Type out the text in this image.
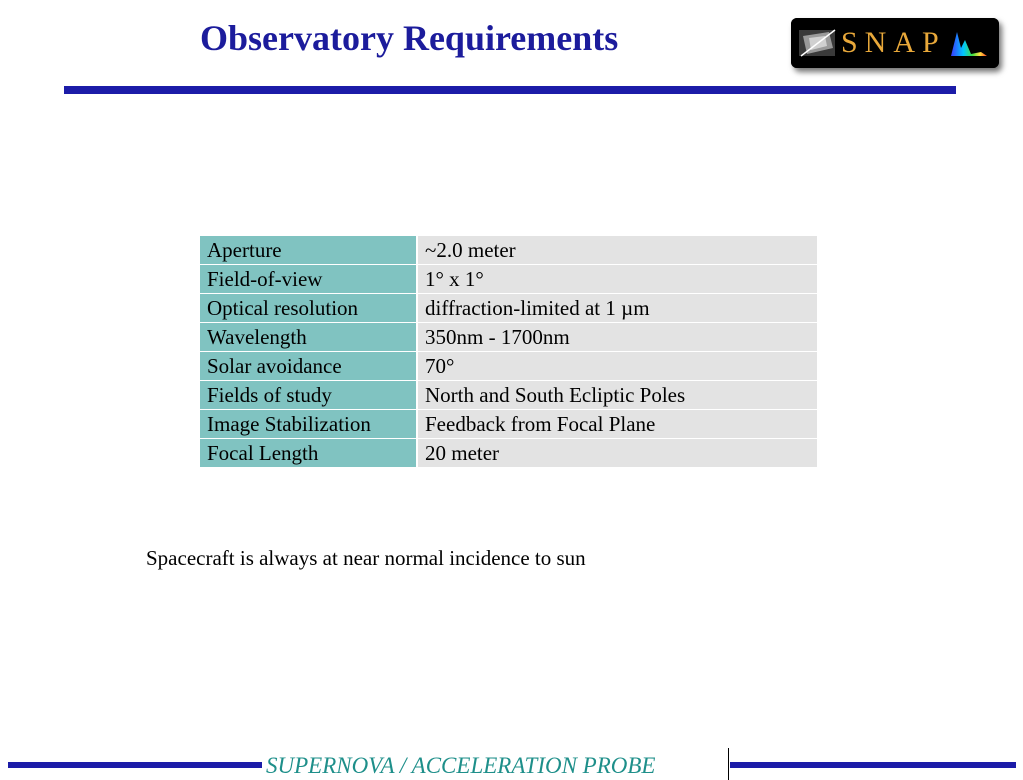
Observatory Requirements	SNAP
Aperture	~2.0 meter
Field-of-view	1° x 1°
Optical resolution	diffraction-limited at 1 µm
Wavelength	350nm - 1700nm
Solar avoidance	70°
Fields of study	North and South Ecliptic Poles
Image Stabilization	Feedback from Focal Plane
Focal Length	20 meter
Spacecraft is always at near normal incidence to sun
SUPERNOVA / ACCELERATION PROBE
